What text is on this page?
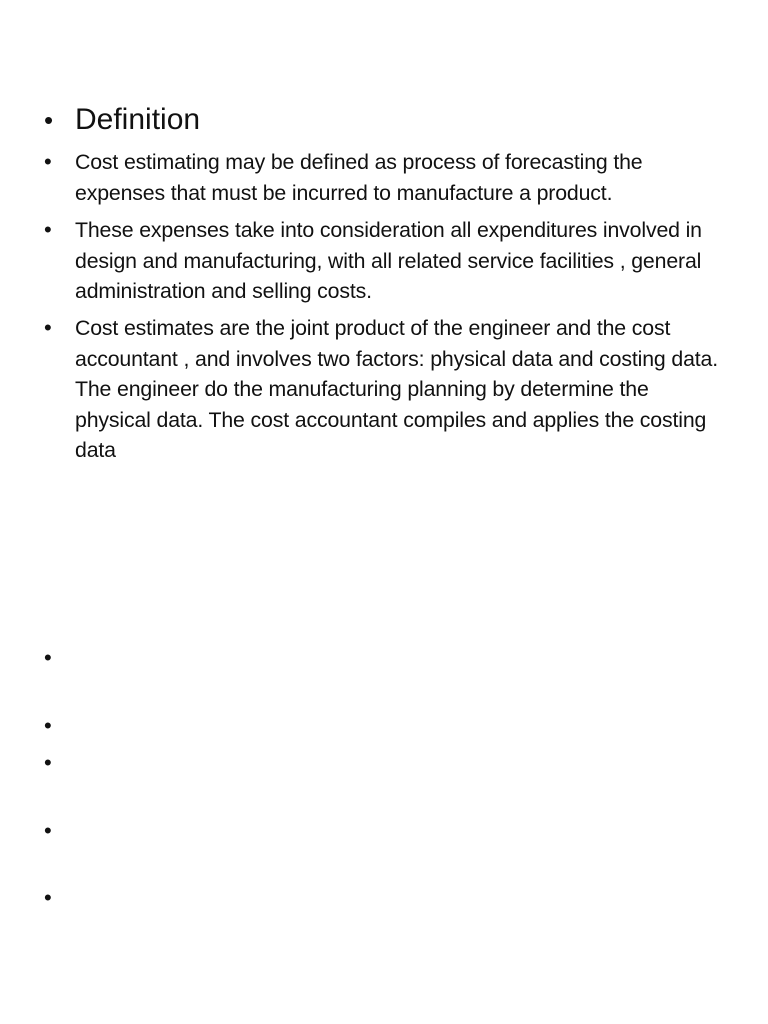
• Definition
•	Cost estimating may be defined as process of forecasting the expenses that must be incurred to manufacture a product.
•	These expenses take into consideration all expenditures involved in design and manufacturing, with all related service facilities , general administration and selling costs.
•	Cost estimates are the joint product of the engineer and the cost accountant , and involves two factors: physical data and costing data. The engineer do the manufacturing planning by determine the physical data. The cost accountant compiles and applies the costing data
•
•
•
•
•
